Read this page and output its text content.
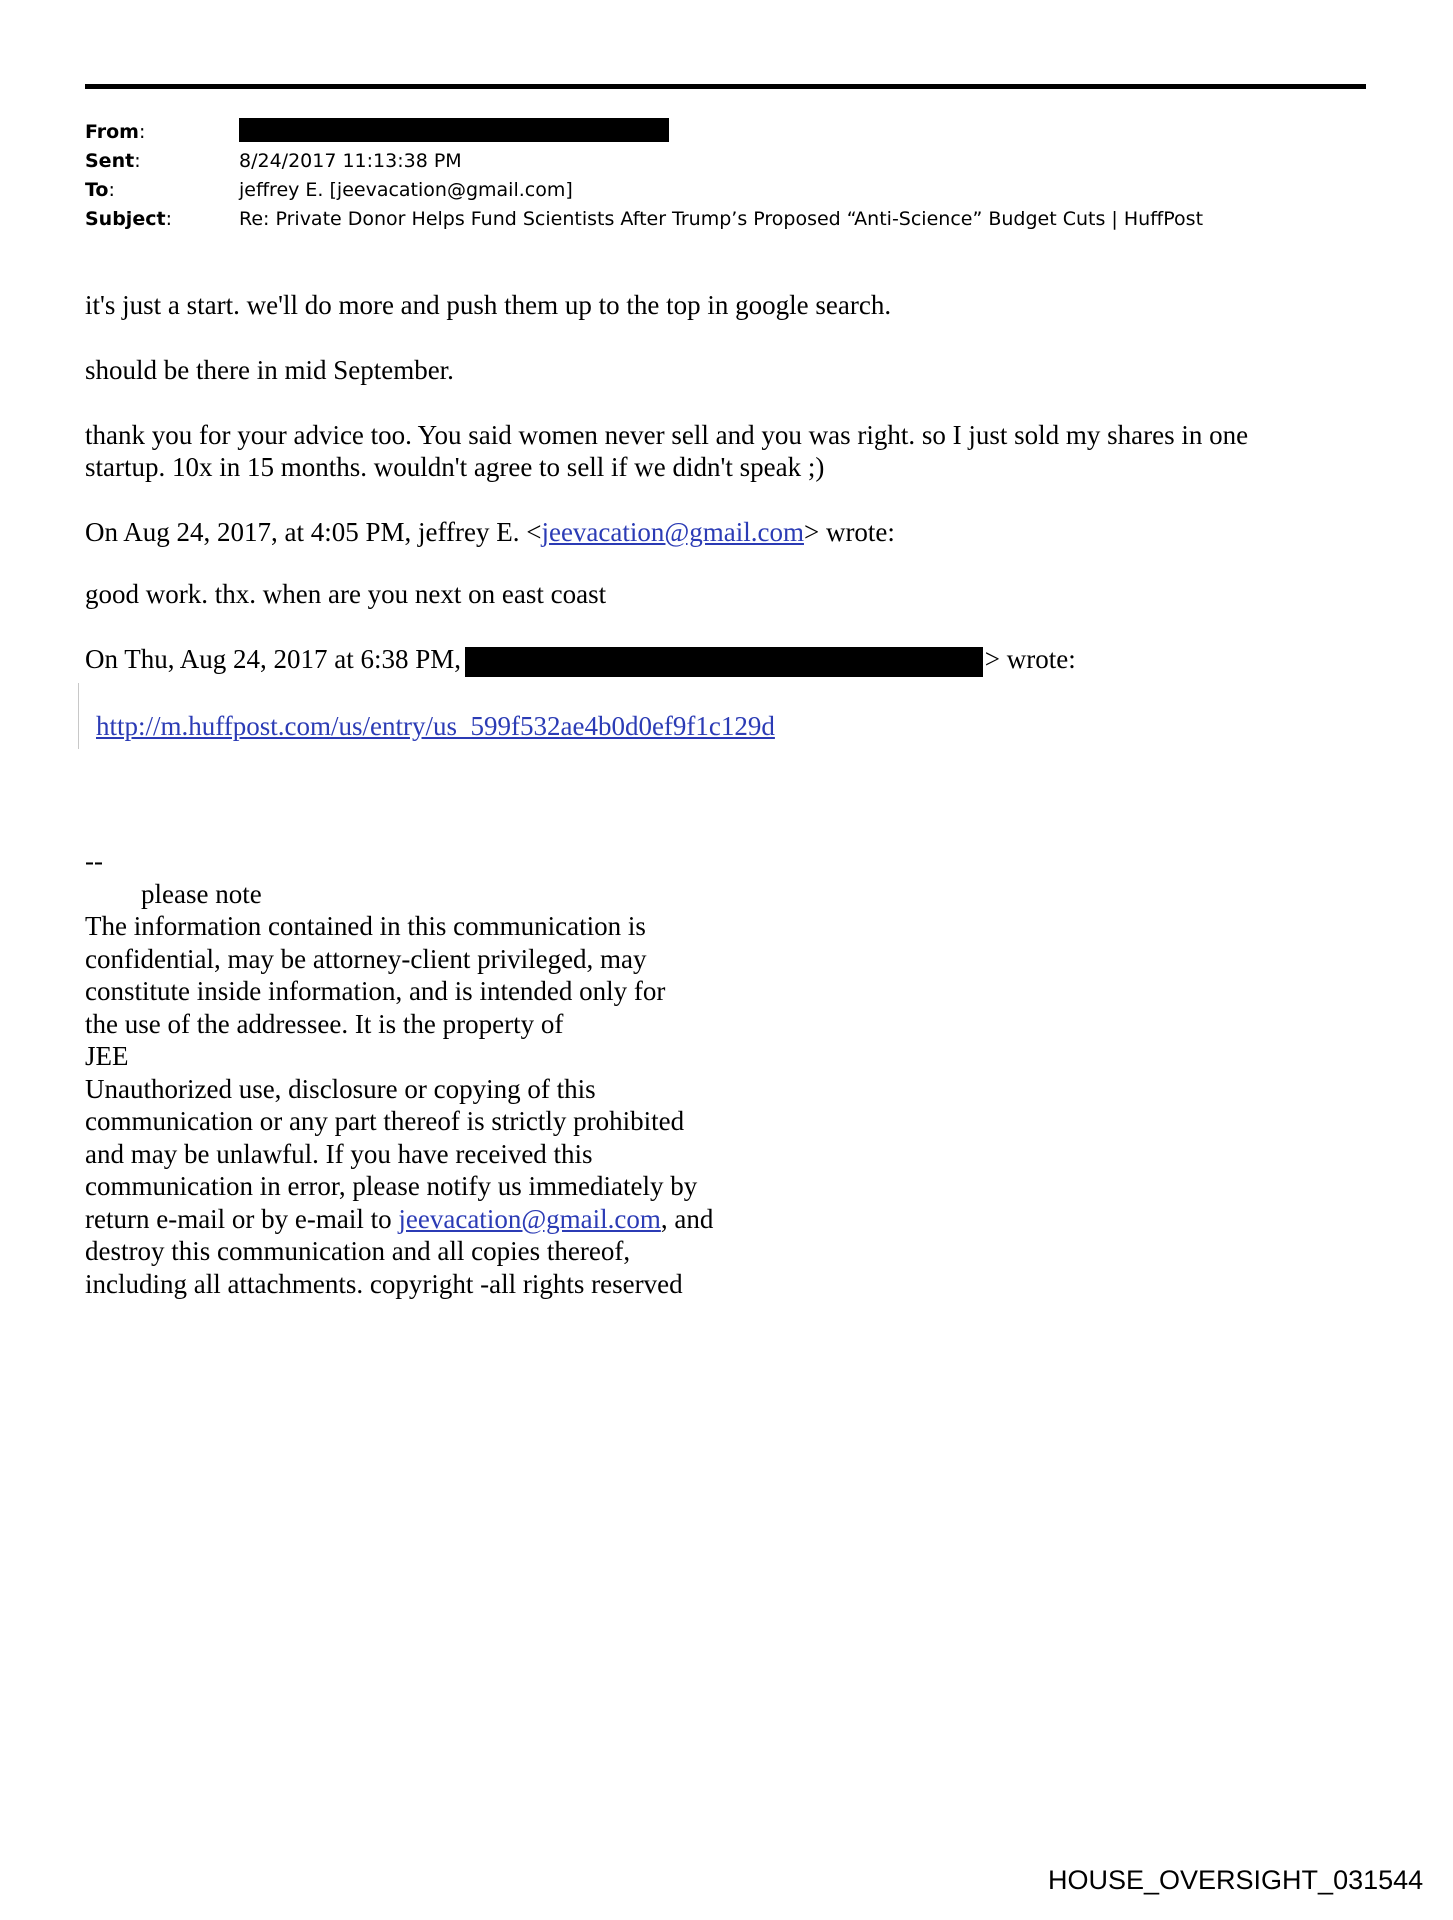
From:
Sent:	8/24/2017 11:13:38 PM
To:	jeffrey E. [jeevacation@gmail.com]
Subject:	Re: Private Donor Helps Fund Scientists After Trump’s Proposed “Anti-Science” Budget Cuts | HuffPost

it's just a start. we'll do more and push them up to the top in google search.

should be there in mid September.

thank you for your advice too. You said women never sell and you was right. so I just sold my shares in one

startup. 10x in 15 months. wouldn't agree to sell if we didn't speak ;)

On Aug 24, 2017, at 4:05 PM, jeffrey E. <jeevacation@gmail.com> wrote:

good work. thx. when are you next on east coast

On Thu, Aug 24, 2017 at 6:38 PM,	> wrote:

http://m.huffpost.com/us/entry/us_599f532ae4b0d0ef9f1c129d

--
please note
The information contained in this communication is
confidential, may be attorney-client privileged, may
constitute inside information, and is intended only for
the use of the addressee. It is the property of
JEE
Unauthorized use, disclosure or copying of this
communication or any part thereof is strictly prohibited
and may be unlawful. If you have received this
communication in error, please notify us immediately by
return e-mail or by e-mail to jeevacation@gmail.com, and
destroy this communication and all copies thereof,
including all attachments. copyright -all rights reserved
HOUSE_OVERSIGHT_031544
